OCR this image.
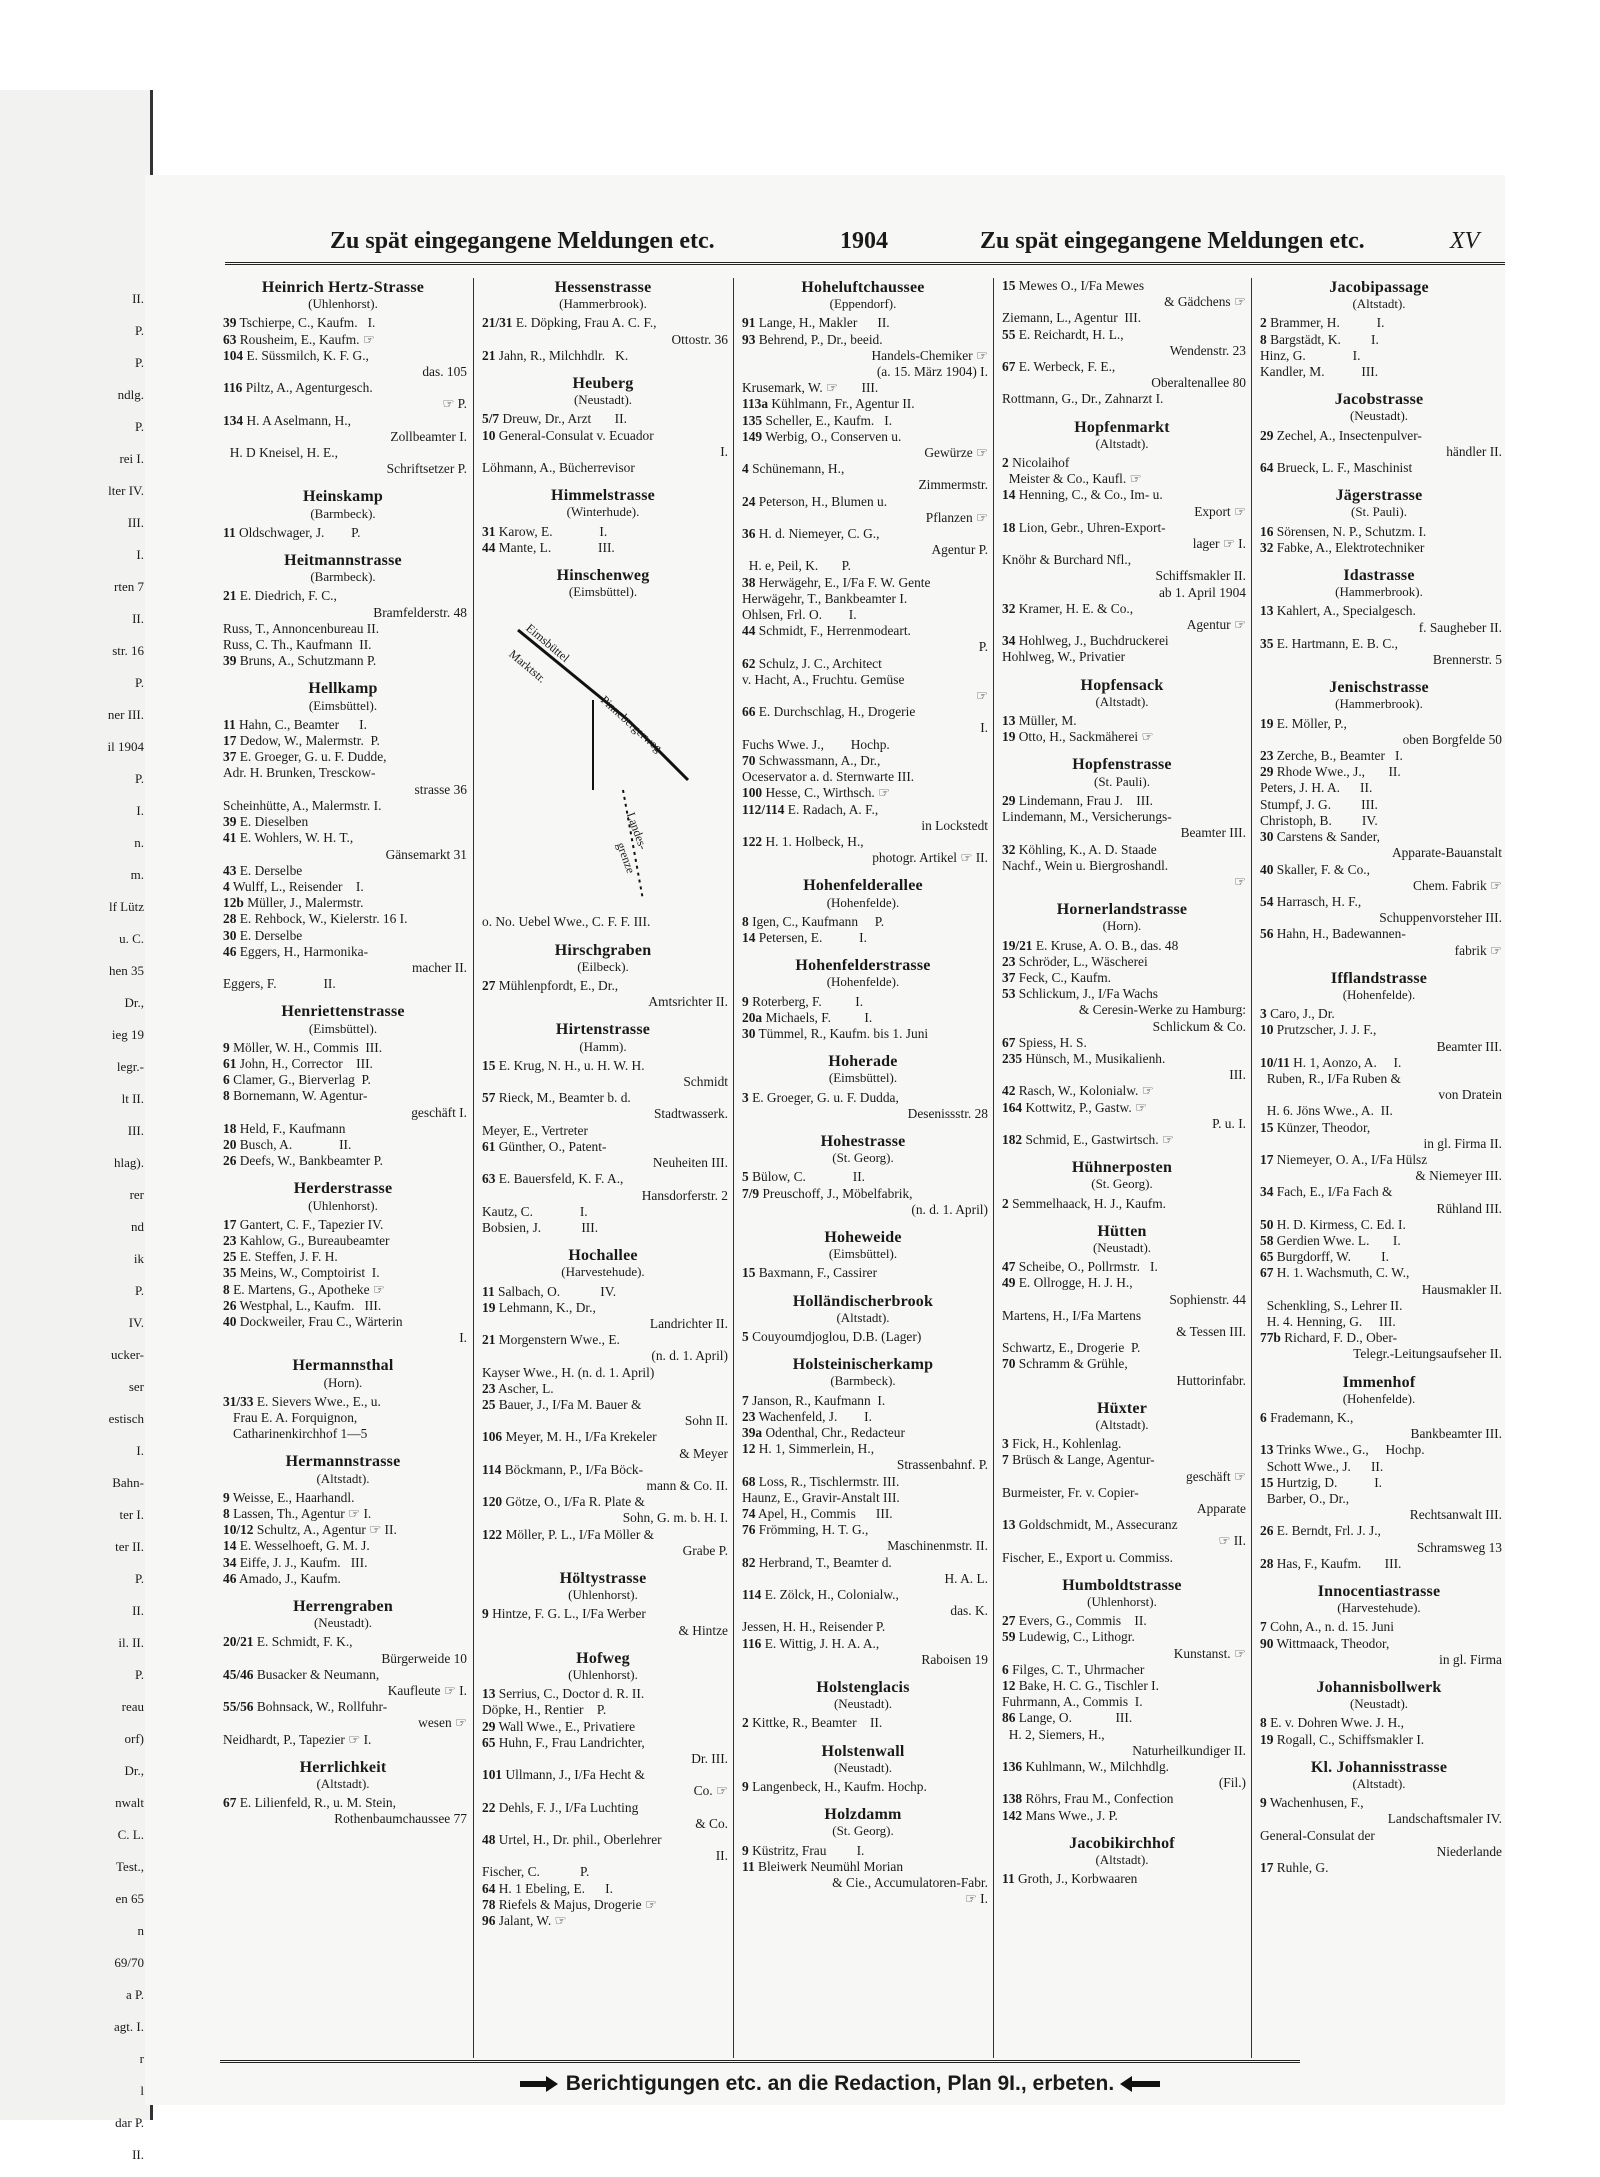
II.
P.
P.
ndlg.
P.
rei I.
lter IV.
III.
I.
rten 7
II.
str. 16
P.
ner III.
il 1904
P.
I.
n.
m.
lf Lütz
u. C.
hen 35
Dr.,
ieg 19
legr.-
lt II.
III.
hlag).
rer
nd
ik
P.
IV.
ucker-
ser
estisch
I.
Bahn-
ter I.
ter II.
P.
II.
il. II.
P.
reau
orf)
Dr.,
nwalt
C. L.
Test.,
en 65
n
69/70
a P.
agt. I.
r
l
dar P.
II.
Zu spät eingegangene Meldungen etc.	1904	Zu spät eingegangene Meldungen etc.	XV
Heinrich Hertz-Strasse
(Uhlenhorst).
39 Tschierpe, C., Kaufm.   I.
63 Rousheim, E., Kaufm. ☞
104 E. Süssmilch, K. F. G.,
das. 105
116 Piltz, A., Agenturgesch.
☞ P.
134 H. A Aselmann, H.,
Zollbeamter I.
H. D Kneisel, H. E.,
Schriftsetzer P.
Heinskamp
(Barmbeck).
11 Oldschwager, J.        P.
Heitmannstrasse
(Barmbeck).
21 E. Diedrich, F. C.,
Bramfelderstr. 48
Russ, T., Annoncenbureau II.
Russ, C. Th., Kaufmann  II.
39 Bruns, A., Schutzmann P.
Hellkamp
(Eimsbüttel).
11 Hahn, C., Beamter      I.
17 Dedow, W., Malermstr.  P.
37 E. Groeger, G. u. F. Dudde,
Adr. H. Brunken, Tresckow-
strasse 36
Scheinhütte, A., Malermstr. I.
39 E. Dieselben
41 E. Wohlers, W. H. T.,
Gänsemarkt 31
43 E. Derselbe
4 Wulff, L., Reisender    I.
12b Müller, J., Malermstr.
28 E. Rehbock, W., Kielerstr. 16 I.
30 E. Derselbe
46 Eggers, H., Harmonika-
macher II.
Eggers, F.              II.
Henriettenstrasse
(Eimsbüttel).
9 Möller, W. H., Commis  III.
61 John, H., Corrector    III.
6 Clamer, G., Bierverlag  P.
8 Bornemann, W. Agentur-
geschäft I.
18 Held, F., Kaufmann
20 Busch, A.              II.
26 Deefs, W., Bankbeamter P.
Herderstrasse
(Uhlenhorst).
17 Gantert, C. F., Tapezier IV.
23 Kahlow, G., Bureaubeamter
25 E. Steffen, J. F. H.
35 Meins, W., Comptoirist  I.
8 E. Martens, G., Apotheke ☞
26 Westphal, L., Kaufm.   III.
40 Dockweiler, Frau C., Wärterin
I.
Hermannsthal
(Horn).
31/33 E. Sievers Wwe., E., u.
Frau E. A. Forquignon,
Catharinenkirchhof 1—5
Hermannstrasse
(Altstadt).
9 Weisse, E., Haarhandl.
8 Lassen, Th., Agentur ☞ I.
10/12 Schultz, A., Agentur ☞ II.
14 E. Wesselhoeft, G. M. J.
34 Eiffe, J. J., Kaufm.   III.
46 Amado, J., Kaufm.
Herrengraben
(Neustadt).
20/21 E. Schmidt, F. K.,
Bürgerweide 10
45/46 Busacker & Neumann,
Kaufleute ☞ I.
55/56 Bohnsack, W., Rollfuhr-
wesen ☞
Neidhardt, P., Tapezier ☞ I.
Herrlichkeit
(Altstadt).
67 E. Lilienfeld, R., u. M. Stein,
Rothenbaumchaussee 77
Hessenstrasse
(Hammerbrook).
21/31 E. Döpking, Frau A. C. F.,
Ottostr. 36
21 Jahn, R., Milchhdlr.   K.
Heuberg
(Neustadt).
5/7 Dreuw, Dr., Arzt       II.
10 General-Consulat v. Ecuador
I.
Löhmann, A., Bücherrevisor
Himmelstrasse
(Winterhude).
31 Karow, E.              I.
44 Mante, L.              III.
Hinschenweg
(Eimsbüttel).
Eimsbüttel
Marktstr.
Pinnebergerweg
Landes-
grenze
o. No. Uebel Wwe., C. F. F. III.
Hirschgraben
(Eilbeck).
27 Mühlenpfordt, E., Dr.,
Amtsrichter II.
Hirtenstrasse
(Hamm).
15 E. Krug, N. H., u. H. W. H.
Schmidt
57 Rieck, M., Beamter b. d.
Stadtwasserk.
Meyer, E., Vertreter
61 Günther, O., Patent-
Neuheiten III.
63 E. Bauersfeld, K. F. A.,
Hansdorferstr. 2
Kautz, C.              I.
Bobsien, J.            III.
Hochallee
(Harvestehude).
11 Salbach, O.            IV.
19 Lehmann, K., Dr.,
Landrichter II.
21 Morgenstern Wwe., E.
(n. d. 1. April)
Kayser Wwe., H. (n. d. 1. April)
23 Ascher, L.
25 Bauer, J., I/Fa M. Bauer &
Sohn II.
106 Meyer, M. H., I/Fa Krekeler
& Meyer
114 Böckmann, P., I/Fa Böck-
mann & Co. II.
120 Götze, O., I/Fa R. Plate &
Sohn, G. m. b. H. I.
122 Möller, P. L., I/Fa Möller &
Grabe P.
Höltystrasse
(Uhlenhorst).
9 Hintze, F. G. L., I/Fa Werber
& Hintze
Hofweg
(Uhlenhorst).
13 Serrius, C., Doctor d. R. II.
Döpke, H., Rentier    P.
29 Wall Wwe., E., Privatiere
65 Huhn, F., Frau Landrichter,
Dr. III.
101 Ullmann, J., I/Fa Hecht &
Co. ☞
22 Dehls, F. J., I/Fa Luchting
& Co.
48 Urtel, H., Dr. phil., Oberlehrer
II.
Fischer, C.            P.
64 H. 1 Ebeling, E.      I.
78 Riefels & Majus, Drogerie ☞
96 Jalant, W. ☞
Hoheluftchaussee
(Eppendorf).
91 Lange, H., Makler      II.
93 Behrend, P., Dr., beeid.
Handels-Chemiker ☞
(a. 15. März 1904) I.
Krusemark, W. ☞       III.
113a Kühlmann, Fr., Agentur II.
135 Scheller, E., Kaufm.   I.
149 Werbig, O., Conserven u.
Gewürze ☞
4 Schünemann, H.,
Zimmermstr.
24 Peterson, H., Blumen u.
Pflanzen ☞
36 H. d. Niemeyer, C. G.,
Agentur P.
H. e, Peil, K.       P.
38 Herwägehr, E., I/Fa F. W. Gente
Herwägehr, T., Bankbeamter I.
Ohlsen, Frl. O.        I.
44 Schmidt, F., Herrenmodeart.
P.
62 Schulz, J. C., Architect
v. Hacht, A., Fruchtu. Gemüse
☞
66 E. Durchschlag, H., Drogerie
I.
Fuchs Wwe. J.,        Hochp.
70 Schwassmann, A., Dr.,
Oceservator a. d. Sternwarte III.
100 Hesse, C., Wirthsch. ☞
112/114 E. Radach, A. F.,
in Lockstedt
122 H. 1. Holbeck, H.,
photogr. Artikel ☞ II.
Hohenfelderallee
(Hohenfelde).
8 Igen, C., Kaufmann     P.
14 Petersen, E.           I.
Hohenfelderstrasse
(Hohenfelde).
9 Roterberg, F.          I.
20a Michaels, F.          I.
30 Tümmel, R., Kaufm. bis 1. Juni
Hoherade
(Eimsbüttel).
3 E. Groeger, G. u. F. Dudda,
Desenissstr. 28
Hohestrasse
(St. Georg).
5 Bülow, C.              II.
7/9 Preuschoff, J., Möbelfabrik,
(n. d. 1. April)
Hoheweide
(Eimsbüttel).
15 Baxmann, F., Cassirer
Holländischerbrook
(Altstadt).
5 Couyoumdjoglou, D.B. (Lager)
Holsteinischerkamp
(Barmbeck).
7 Janson, R., Kaufmann  I.
23 Wachenfeld, J.        I.
39a Odenthal, Chr., Redacteur
12 H. 1, Simmerlein, H.,
Strassenbahnf. P.
68 Loss, R., Tischlermstr. III.
Haunz, E., Gravir-Anstalt III.
74 Apel, H., Commis      III.
76 Frömming, H. T. G.,
Maschinenmstr. II.
82 Herbrand, T., Beamter d.
H. A. L.
114 E. Zölck, H., Colonialw.,
das. K.
Jessen, H. H., Reisender P.
116 E. Wittig, J. H. A. A.,
Raboisen 19
Holstenglacis
(Neustadt).
2 Kittke, R., Beamter    II.
Holstenwall
(Neustadt).
9 Langenbeck, H., Kaufm. Hochp.
Holzdamm
(St. Georg).
9 Küstritz, Frau         I.
11 Bleiwerk Neumühl Morian
& Cie., Accumulatoren-Fabr.
☞ I.
15 Mewes O., I/Fa Mewes
& Gädchens ☞
Ziemann, L., Agentur  III.
55 E. Reichardt, H. L.,
Wendenstr. 23
67 E. Werbeck, F. E.,
Oberaltenallee 80
Rottmann, G., Dr., Zahnarzt I.
Hopfenmarkt
(Altstadt).
2 Nicolaihof
Meister & Co., Kaufl. ☞
14 Henning, C., & Co., Im- u.
Export ☞
18 Lion, Gebr., Uhren-Export-
lager ☞ I.
Knöhr & Burchard Nfl.,
Schiffsmakler II.
ab 1. April 1904
32 Kramer, H. E. & Co.,
Agentur ☞
34 Hohlweg, J., Buchdruckerei
Hohlweg, W., Privatier
Hopfensack
(Altstadt).
13 Müller, M.
19 Otto, H., Sackmäherei ☞
Hopfenstrasse
(St. Pauli).
29 Lindemann, Frau J.    III.
Lindemann, M., Versicherungs-
Beamter III.
32 Köhling, K., A. D. Staade
Nachf., Wein u. Biergroshandl.
☞
Hornerlandstrasse
(Horn).
19/21 E. Kruse, A. O. B., das. 48
23 Schröder, L., Wäscherei
37 Feck, C., Kaufm.
53 Schlickum, J., I/Fa Wachs
& Ceresin-Werke zu Hamburg:
Schlickum & Co.
67 Spiess, H. S.
235 Hünsch, M., Musikalienh.
III.
42 Rasch, W., Kolonialw. ☞
164 Kottwitz, P., Gastw. ☞
P. u. I.
182 Schmid, E., Gastwirtsch. ☞
Hühnerposten
(St. Georg).
2 Semmelhaack, H. J., Kaufm.
Hütten
(Neustadt).
47 Scheibe, O., Pollrmstr.   I.
49 E. Ollrogge, H. J. H.,
Sophienstr. 44
Martens, H., I/Fa Martens
& Tessen III.
Schwartz, E., Drogerie  P.
70 Schramm & Grühle,
Huttorinfabr.
Hüxter
(Altstadt).
3 Fick, H., Kohlenlag.
7 Brüsch & Lange, Agentur-
geschäft ☞
Burmeister, Fr. v. Copier-
Apparate
13 Goldschmidt, M., Assecuranz
☞ II.
Fischer, E., Export u. Commiss.
Humboldtstrasse
(Uhlenhorst).
27 Evers, G., Commis    II.
59 Ludewig, C., Lithogr.
Kunstanst. ☞
6 Filges, C. T., Uhrmacher
12 Bake, H. C. G., Tischler I.
Fuhrmann, A., Commis  I.
86 Lange, O.             III.
H. 2, Siemers, H.,
Naturheilkundiger II.
136 Kuhlmann, W., Milchhdlg.
(Fil.)
138 Röhrs, Frau M., Confection
142 Mans Wwe., J. P.
Jacobikirchhof
(Altstadt).
11 Groth, J., Korbwaaren
Jacobipassage
(Altstadt).
2 Brammer, H.           I.
8 Bargstädt, K.         I.
Hinz, G.              I.
Kandler, M.           III.
Jacobstrasse
(Neustadt).
29 Zechel, A., Insectenpulver-
händler II.
64 Brueck, L. F., Maschinist
Jägerstrasse
(St. Pauli).
16 Sörensen, N. P., Schutzm. I.
32 Fabke, A., Elektrotechniker
Idastrasse
(Hammerbrook).
13 Kahlert, A., Specialgesch.
f. Saugheber II.
35 E. Hartmann, E. B. C.,
Brennerstr. 5
Jenischstrasse
(Hammerbrook).
19 E. Möller, P.,
oben Borgfelde 50
23 Zerche, B., Beamter   I.
29 Rhode Wwe., J.,       II.
Peters, J. H. A.      II.
Stumpf, J. G.         III.
Christoph, B.         IV.
30 Carstens & Sander,
Apparate-Bauanstalt
40 Skaller, F. & Co.,
Chem. Fabrik ☞
54 Harrasch, H. F.,
Schuppenvorsteher III.
56 Hahn, H., Badewannen-
fabrik ☞
Ifflandstrasse
(Hohenfelde).
3 Caro, J., Dr.
10 Prutzscher, J. J. F.,
Beamter III.
10/11 H. 1, Aonzo, A.     I.
Ruben, R., I/Fa Ruben &
von Dratein
H. 6. Jöns Wwe., A.  II.
15 Künzer, Theodor,
in gl. Firma II.
17 Niemeyer, O. A., I/Fa Hülsz
& Niemeyer III.
34 Fach, E., I/Fa Fach &
Rühland III.
50 H. D. Kirmess, C. Ed. I.
58 Gerdien Wwe. L.       I.
65 Burgdorff, W.         I.
67 H. 1. Wachsmuth, C. W.,
Hausmakler II.
Schenkling, S., Lehrer II.
H. 4. Henning, G.     III.
77b Richard, F. D., Ober-
Telegr.-Leitungsaufseher II.
Immenhof
(Hohenfelde).
6 Frademann, K.,
Bankbeamter III.
13 Trinks Wwe., G.,     Hochp.
Schott Wwe., J.      II.
15 Hurtzig, D.           I.
Barber, O., Dr.,
Rechtsanwalt III.
26 E. Berndt, Frl. J. J.,
Schramsweg 13
28 Has, F., Kaufm.       III.
Innocentiastrasse
(Harvestehude).
7 Cohn, A., n. d. 15. Juni
90 Wittmaack, Theodor,
in gl. Firma
Johannisbollwerk
(Neustadt).
8 E. v. Dohren Wwe. J. H.,
19 Rogall, C., Schiffsmakler I.
Kl. Johannisstrasse
(Altstadt).
9 Wachenhusen, F.,
Landschaftsmaler IV.
General-Consulat der
Niederlande
17 Ruhle, G.
Berichtigungen etc. an die Redaction, Plan 9I., erbeten.
